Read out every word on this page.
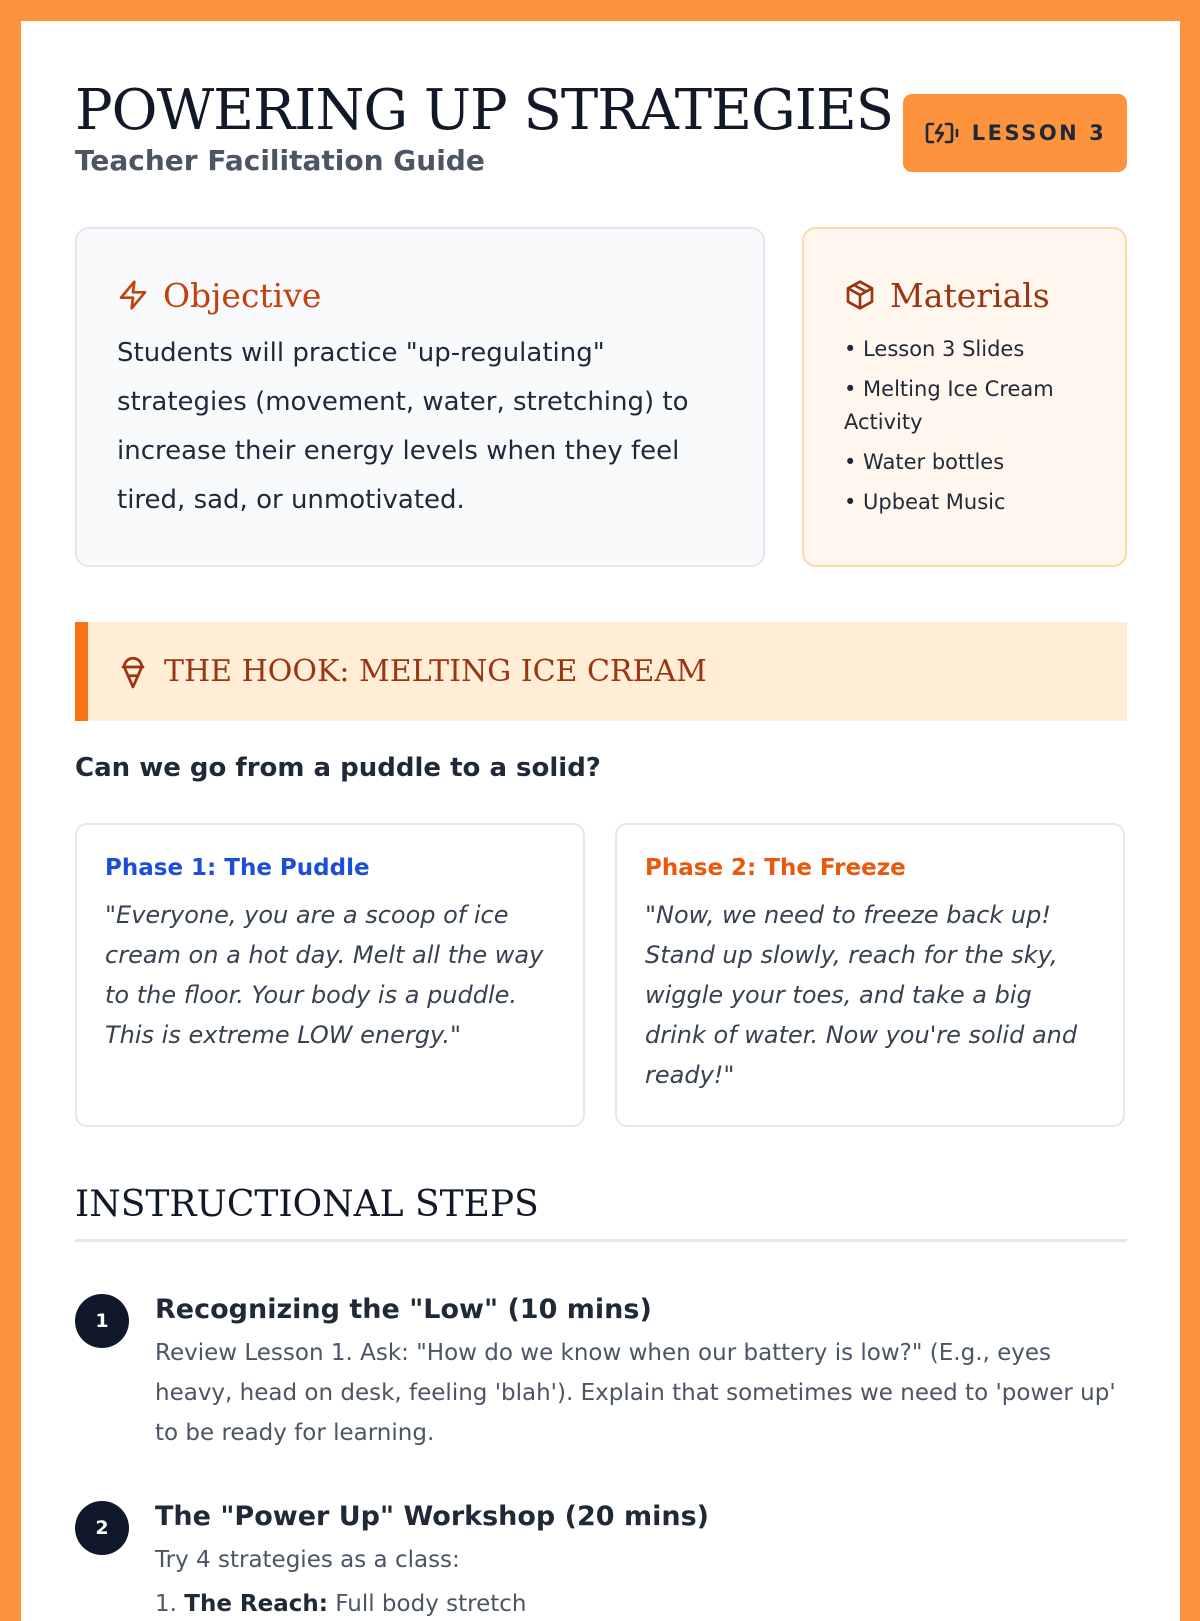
POWERING UP STRATEGIES
Teacher Facilitation Guide
LESSON 3
Objective
Students will practice "up-regulating" strategies (movement, water, stretching) to increase their energy levels when they feel tired, sad, or unmotivated.
Materials
• Lesson 3 Slides
• Melting Ice Cream Activity
• Water bottles
• Upbeat Music
THE HOOK: MELTING ICE CREAM
Can we go from a puddle to a solid?
Phase 1: The Puddle
"Everyone, you are a scoop of ice cream on a hot day. Melt all the way to the floor. Your body is a puddle. This is extreme LOW energy."
Phase 2: The Freeze
"Now, we need to freeze back up! Stand up slowly, reach for the sky, wiggle your toes, and take a big drink of water. Now you're solid and ready!"
INSTRUCTIONAL STEPS
1	Recognizing the "Low" (10 mins)
Review Lesson 1. Ask: "How do we know when our battery is low?" (E.g., eyes heavy, head on desk, feeling 'blah'). Explain that sometimes we need to 'power up' to be ready for learning.
2	The "Power Up" Workshop (20 mins)
Try 4 strategies as a class:
1. The Reach: Full body stretch
